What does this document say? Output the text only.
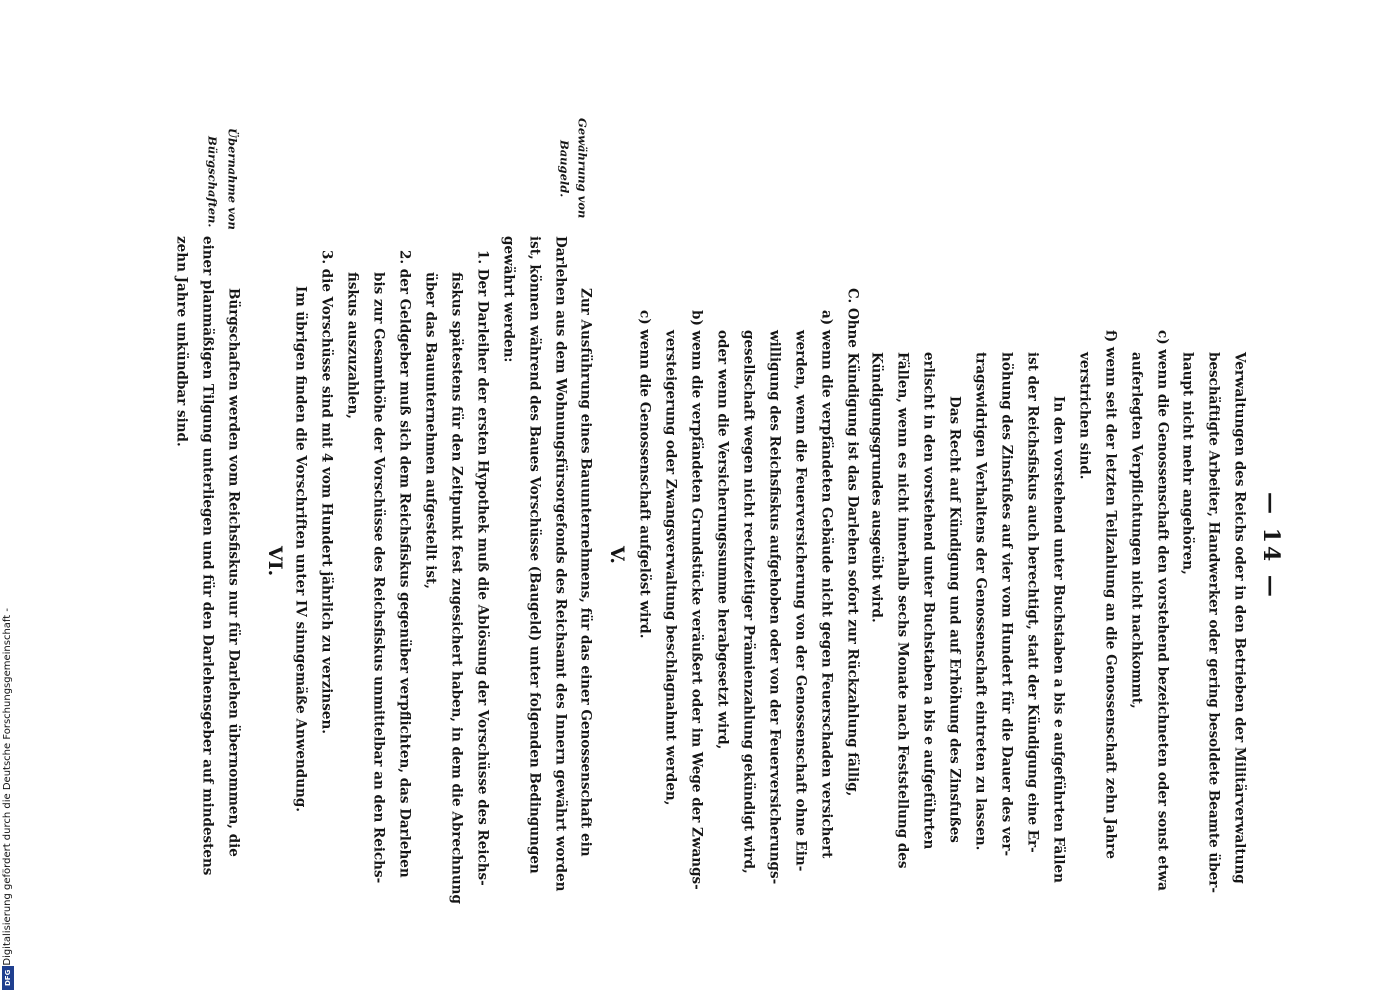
— 14 —
Verwaltungen des Reichs oder in den Betrieben der Militärverwaltung
beschäftigte Arbeiter, Handwerker oder gering besoldete Beamte über-
haupt nicht mehr angehören,
c) wenn die Genossenschaft den vorstehend bezeichneten oder sonst etwa
auferlegten Verpflichtungen nicht nachkommt,
f) wenn seit der letzten Teilzahlung an die Genossenschaft zehn Jahre
verstrichen sind.
In den vorstehend unter Buchstaben a bis e aufgeführten Fällen
ist der Reichsfiskus auch berechtigt, statt der Kündigung eine Er-
höhung des Zinsfußes auf vier vom Hundert für die Dauer des ver-
tragswidrigen Verhaltens der Genossenschaft eintreten zu lassen.
Das Recht auf Kündigung und auf Erhöhung des Zinsfußes
erlischt in den vorstehend unter Buchstaben a bis e aufgeführten
Fällen, wenn es nicht innerhalb sechs Monate nach Feststellung des
Kündigungsgrundes ausgeübt wird.
C. Ohne Kündigung ist das Darlehen sofort zur Rückzahlung fällig,
a) wenn die verpfändeten Gebäude nicht gegen Feuerschaden versichert
werden, wenn die Feuerversicherung von der Genossenschaft ohne Ein-
willigung des Reichsfiskus aufgehoben oder von der Feuerversicherungs-
gesellschaft wegen nicht rechtzeitiger Prämienzahlung gekündigt wird,
oder wenn die Versicherungssumme herabgesetzt wird,
b) wenn die verpfändeten Grundstücke veräußert oder im Wege der Zwangs-
versteigerung oder Zwangsverwaltung beschlagnahmt werden,
c) wenn die Genossenschaft aufgelöst wird.
V.
Gewährung von
Baugeld.
Zur Ausführung eines Bauunternehmens, für das einer Genossenschaft ein
Darlehen aus dem Wohnungsfürsorgefonds des Reichsamt des Innern gewährt worden
ist, können während des Baues Vorschüsse (Baugeld) unter folgenden Bedingungen
gewährt werden:
1. Der Darleiher der ersten Hypothek muß die Ablösung der Vorschüsse des Reichs-
fiskus spätestens für den Zeitpunkt fest zugesichert haben, in dem die Abrechnung
über das Bauunternehmen aufgestellt ist,
2. der Geldgeber muß sich dem Reichsfiskus gegenüber verpflichten, das Darlehen
bis zur Gesamthöhe der Vorschüsse des Reichsfiskus unmittelbar an den Reichs-
fiskus auszuzahlen,
3. die Vorschüsse sind mit 4 vom Hundert jährlich zu verzinsen.
Im übrigen finden die Vorschriften unter IV sinngemäße Anwendung.
VI.
Übernahme von
Bürgschaften.
Bürgschaften werden vom Reichsfiskus nur für Darlehen übernommen, die
einer planmäßigen Tilgung unterliegen und für den Darlehensgeber auf mindestens
zehn Jahre unkündbar sind.
Digitalisierung gefördert durch die Deutsche Forschungsgemeinschaft -
DFG
